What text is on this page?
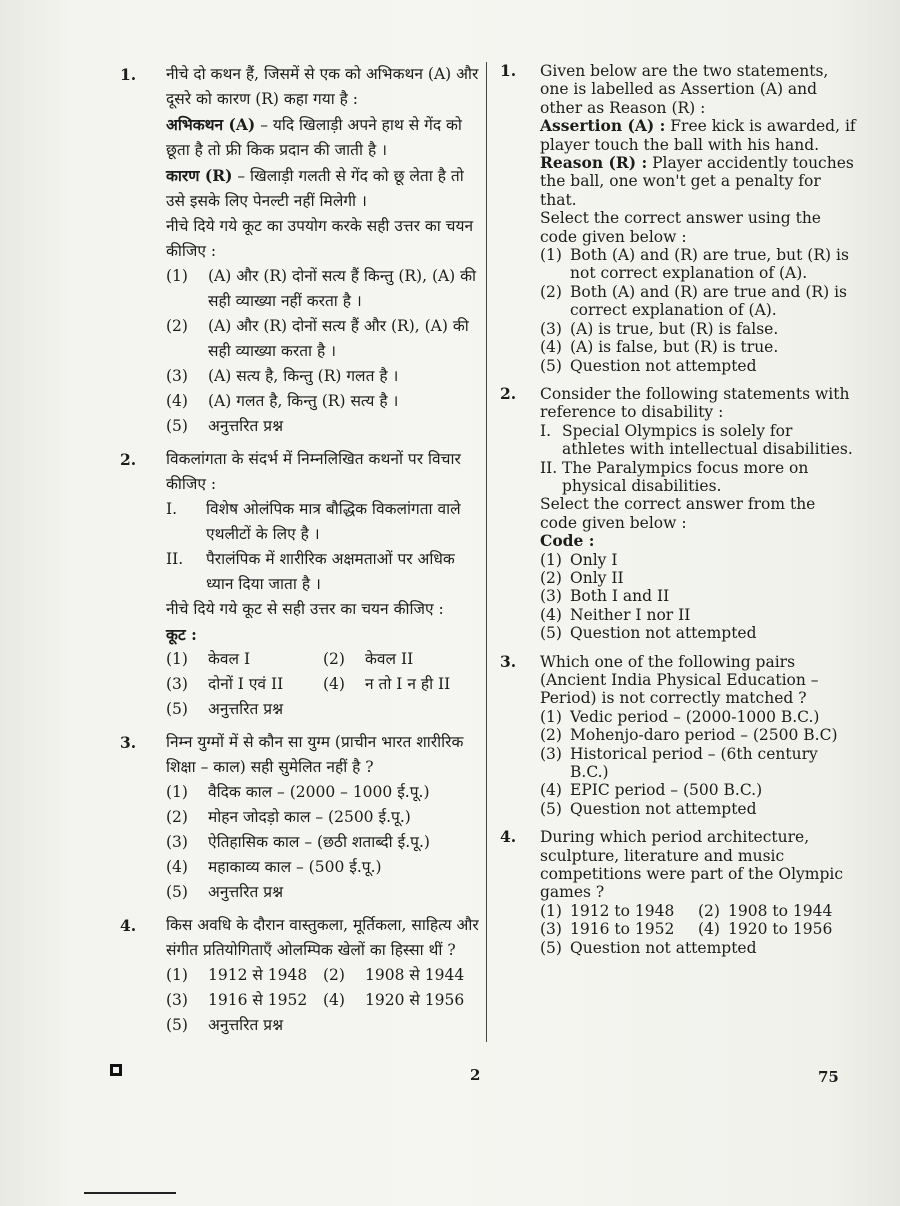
1. नीचे दो कथन हैं, जिसमें से एक को अभिकथन (A) और दूसरे को कारण (R) कहा गया है :

अभिकथन (A) – यदि खिलाड़ी अपने हाथ से गेंद को छूता है तो फ्री किक प्रदान की जाती है ।

कारण (R) – खिलाड़ी गलती से गेंद को छू लेता है तो उसे इसके लिए पेनल्टी नहीं मिलेगी ।

नीचे दिये गये कूट का उपयोग करके सही उत्तर का चयन कीजिए :

(1)	(A) और (R) दोनों सत्य हैं किन्तु (R), (A) की सही व्याख्या नहीं करता है ।
(2)	(A) और (R) दोनों सत्य हैं और (R), (A) की सही व्याख्या करता है ।
(3)	(A) सत्य है, किन्तु (R) गलत है ।
(4)	(A) गलत है, किन्तु (R) सत्य है ।
(5)	अनुत्तरित प्रश्न
2. विकलांगता के संदर्भ में निम्नलिखित कथनों पर विचार कीजिए :

I.	विशेष ओलंपिक मात्र बौद्धिक विकलांगता वाले एथलीटों के लिए है ।
II.	पैरालंपिक में शारीरिक अक्षमताओं पर अधिक ध्यान दिया जाता है ।

नीचे दिये गये कूट से सही उत्तर का चयन कीजिए :

कूट :

(1)	केवल I	(2)	केवल II
(3)	दोनों I एवं II	(4)	न तो I न ही II
(5)	अनुत्तरित प्रश्न
3. निम्न युग्मों में से कौन सा युग्म (प्राचीन भारत शारीरिक शिक्षा – काल) सही सुमेलित नहीं है ?

(1)	वैदिक काल – (2000 – 1000 ई.पू.)
(2)	मोहन जोदड़ो काल – (2500 ई.पू.)
(3)	ऐतिहासिक काल – (छठी शताब्दी ई.पू.)
(4)	महाकाव्य काल – (500 ई.पू.)
(5)	अनुत्तरित प्रश्न
4. किस अवधि के दौरान वास्तुकला, मूर्तिकला, साहित्य और संगीत प्रतियोगिताएँ ओलम्पिक खेलों का हिस्सा थीं ?

(1)	1912 से 1948 (2)	1908 से 1944
(3)	1916 से 1952 (4)	1920 से 1956
(5)	अनुत्तरित प्रश्न
1. Given below are the two statements, one is labelled as Assertion (A) and other as Reason (R) :

Assertion (A) : Free kick is awarded, if player touch the ball with his hand.

Reason (R) : Player accidently touches the ball, one won't get a penalty for that.

Select the correct answer using the code given below :

(1) Both (A) and (R) are true, but (R) is not correct explanation of (A).
(2) Both (A) and (R) are true and (R) is correct explanation of (A).
(3) (A) is true, but (R) is false.
(4) (A) is false, but (R) is true.
(5) Question not attempted
2. Consider the following statements with reference to disability :

I. Special Olympics is solely for athletes with intellectual disabilities.
II. The Paralympics focus more on physical disabilities.

Select the correct answer from the code given below :

Code :

(1) Only I
(2) Only II
(3) Both I and II
(4) Neither I nor II
(5) Question not attempted
3. Which one of the following pairs (Ancient India Physical Education – Period) is not correctly matched ?

(1) Vedic period – (2000-1000 B.C.)
(2) Mohenjo-daro period – (2500 B.C)
(3) Historical period – (6th century B.C.)
(4) EPIC period – (500 B.C.)
(5) Question not attempted
4. During which period architecture, sculpture, literature and music competitions were part of the Olympic games ?

(1) 1912 to 1948 (2) 1908 to 1944
(3) 1916 to 1952 (4) 1920 to 1956
(5) Question not attempted
2	75
